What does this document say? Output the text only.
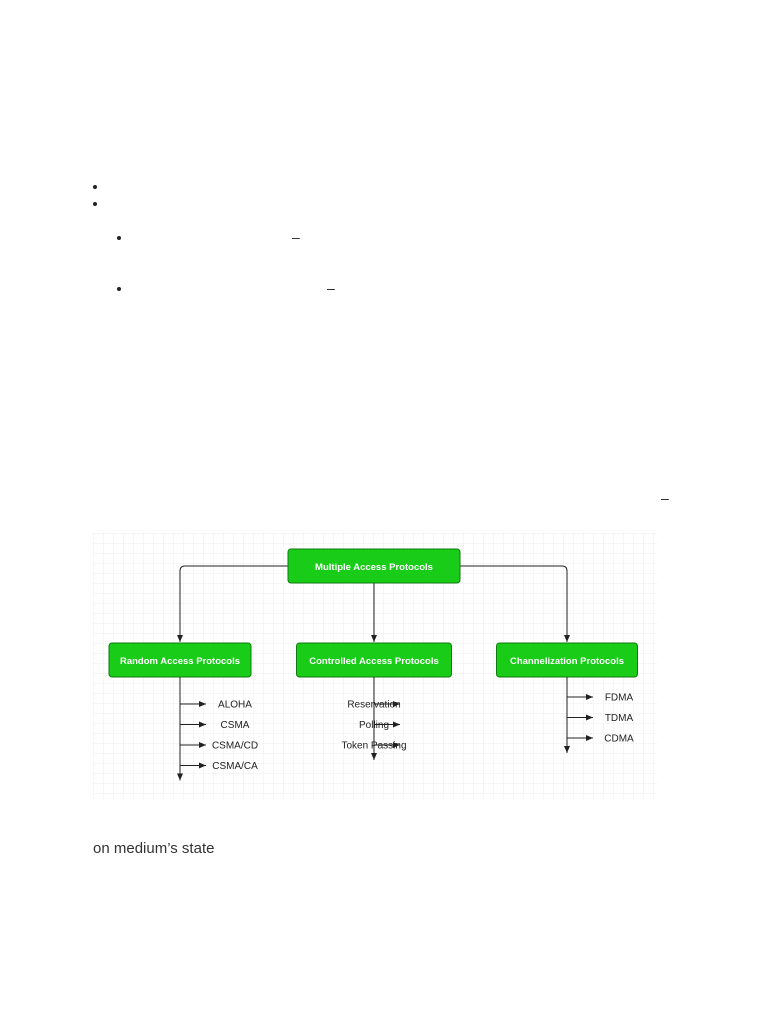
–
–
–
Multiple Access Protocols
Random Access Protocols
ALOHA
CSMA
CSMA/CD
CSMA/CA
Controlled Access Protocols
Reservation
Polling
Token Passing
Channelization Protocols
FDMA
TDMA
CDMA
on medium’s state
